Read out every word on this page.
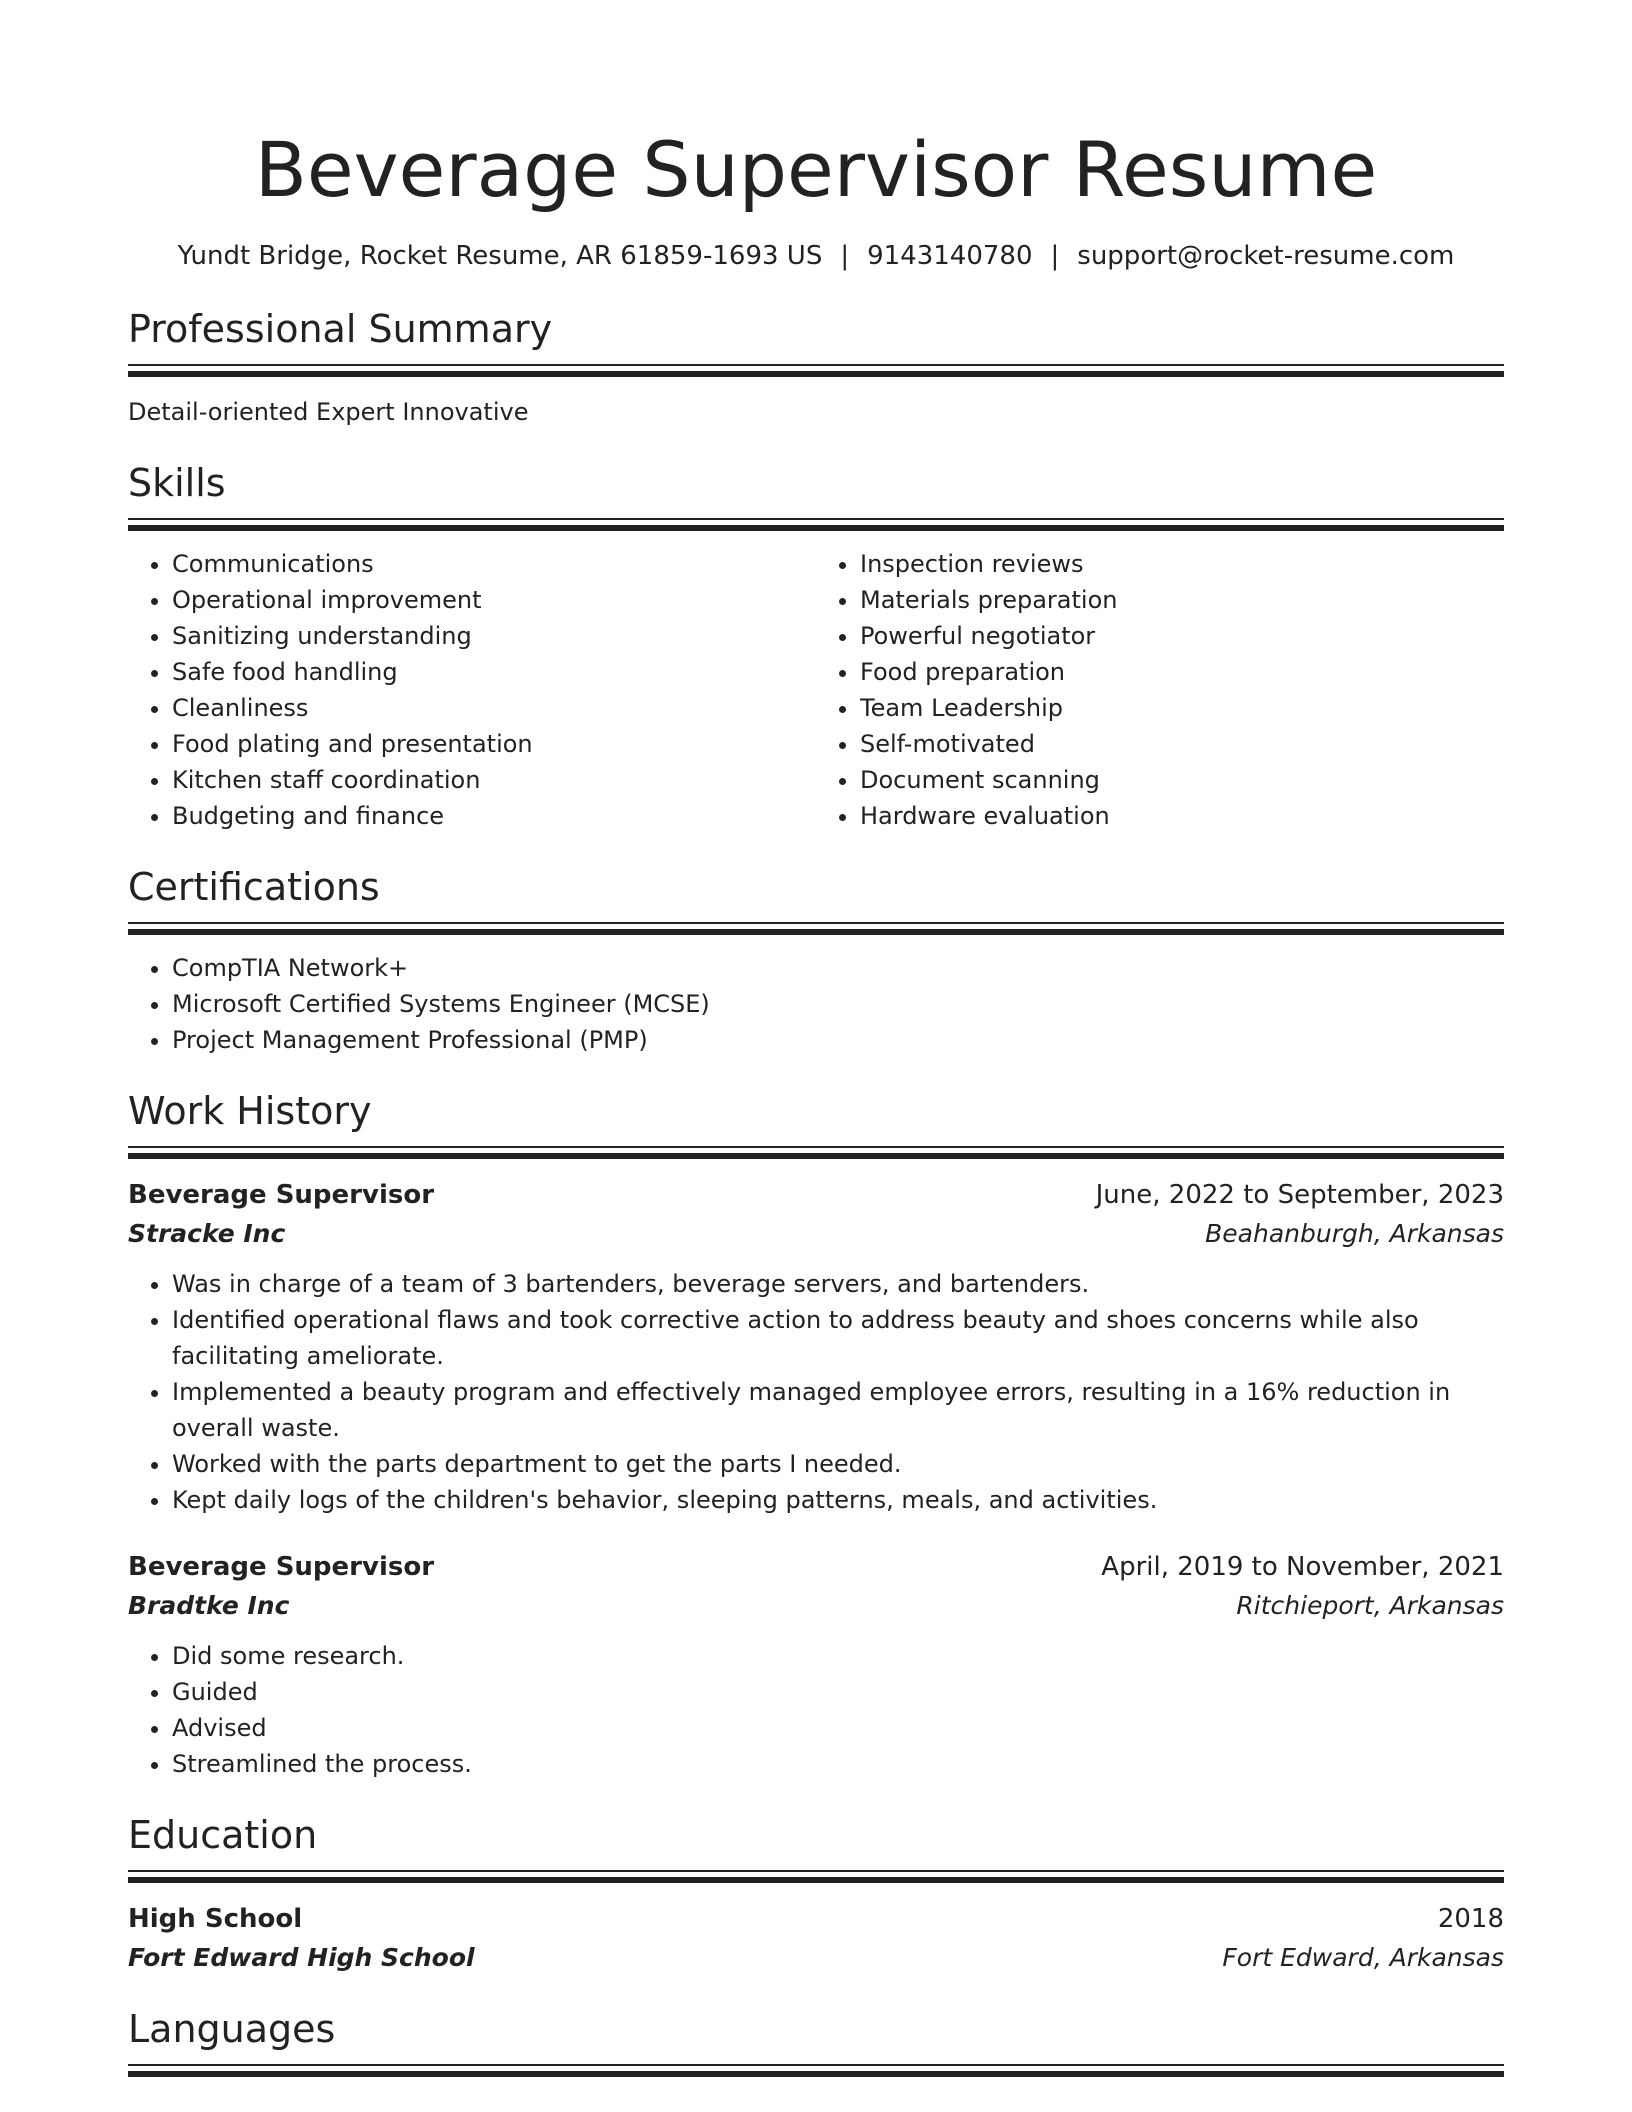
Beverage Supervisor Resume
Yundt Bridge, Rocket Resume, AR 61859-1693 US | 9143140780 | support@rocket-resume.com
Professional Summary
Detail-oriented Expert Innovative
Skills
• Communications
• Operational improvement
• Sanitizing understanding
• Safe food handling
• Cleanliness
• Food plating and presentation
• Kitchen staff coordination
• Budgeting and finance
• Inspection reviews
• Materials preparation
• Powerful negotiator
• Food preparation
• Team Leadership
• Self-motivated
• Document scanning
• Hardware evaluation
Certifications
• CompTIA Network+
• Microsoft Certified Systems Engineer (MCSE)
• Project Management Professional (PMP)
Work History
Beverage Supervisor	June, 2022 to September, 2023
Stracke Inc	Beahanburgh, Arkansas
• Was in charge of a team of 3 bartenders, beverage servers, and bartenders.
• Identified operational flaws and took corrective action to address beauty and shoes concerns while also facilitating ameliorate.
• Implemented a beauty program and effectively managed employee errors, resulting in a 16% reduction in overall waste.
• Worked with the parts department to get the parts I needed.
• Kept daily logs of the children's behavior, sleeping patterns, meals, and activities.
Beverage Supervisor	April, 2019 to November, 2021
Bradtke Inc	Ritchieport, Arkansas
• Did some research.
• Guided
• Advised
• Streamlined the process.
Education
High School	2018
Fort Edward High School	Fort Edward, Arkansas
Languages
